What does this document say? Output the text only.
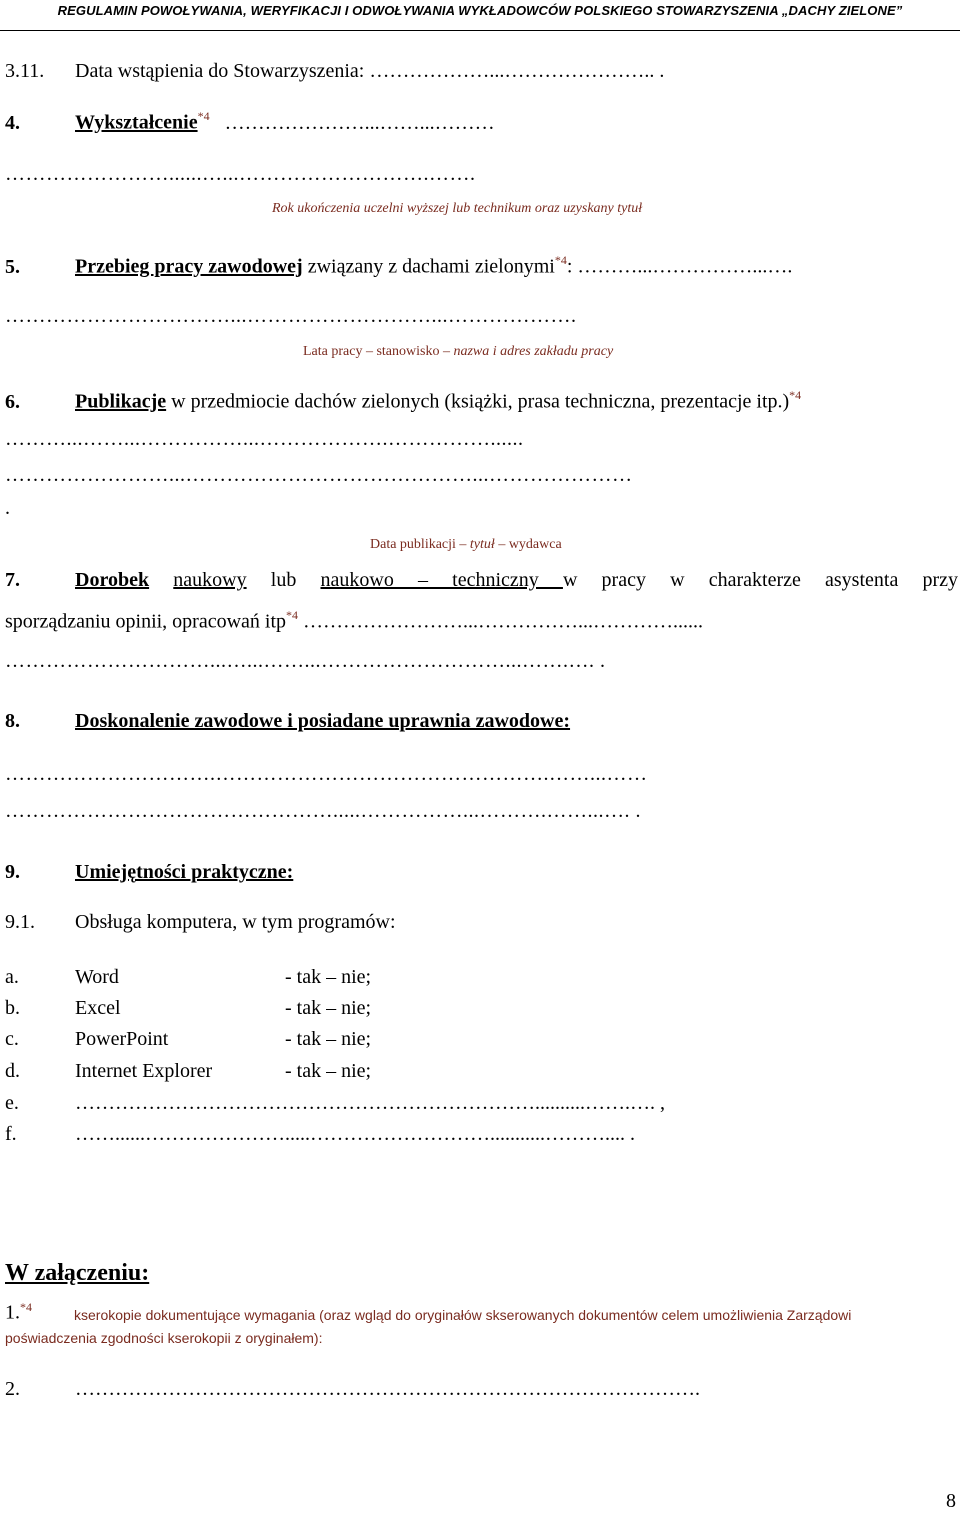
REGULAMIN POWOŁYWANIA, WERYFIKACJI I ODWOŁYWANIA WYKŁADOWCÓW POLSKIEGO STOWARZYSZENIA „DACHY ZIELONE”
3.11. Data wstąpienia do Stowarzyszenia: ………………...………………….. .
4.	Wykształcenie$^{*4}$ …………………...……...………
……………………......…...……………………….…….
Rok ukończenia uczelni wyższej lub technikum oraz uzyskany tytuł
5.	Przebieg pracy zawodowej związany z dachami zielonymi$^{*4}$: ………...……………...….
……………………………...………………………...……………….
Lata pracy – stanowisko – nazwa i adres zakładu pracy
6.	Publikacje w przedmiocie dachów zielonych (książki, prasa techniczna, prezentacje itp.)$^{*4}$
………...……...……………...……………….……………......
……………………...……………………………………...…………………
.
Data publikacji – tytuł – wydawca
7.	Dorobek naukowy lub naukowo – techniczny w pracy w charakterze asystenta przy
sporządzaniu opinii, opracowań itp$^{*4}$ ……………………...……………...…………......
…………………………...…...……...………………………...…….…. .
8.	Doskonalenie zawodowe i posiadane uprawnia zawodowe:
………………………….………………………………………….……...……
………………………………………….....……………...……….……...…. .
9.	Umiejętności praktyczne:
9.1. Obsługa komputera, w tym programów:
a.	Word	- tak – nie;
b.	Excel	- tak – nie;
c.	PowerPoint	- tak – nie;
d.	Internet Explorer	- tak – nie;
e.	……………………………………………………………..........…….…. ,
f.	……......………………….....………………………...........……….... .
W załączeniu:
1.$^{*4}$	kserokopie dokumentujące wymagania (oraz wgląd do oryginałów skserowanych dokumentów celem umożliwienia Zarządowi
poświadczenia zgodności kserokopii z oryginałem):
2.	………………………………………………………………………………….
8
